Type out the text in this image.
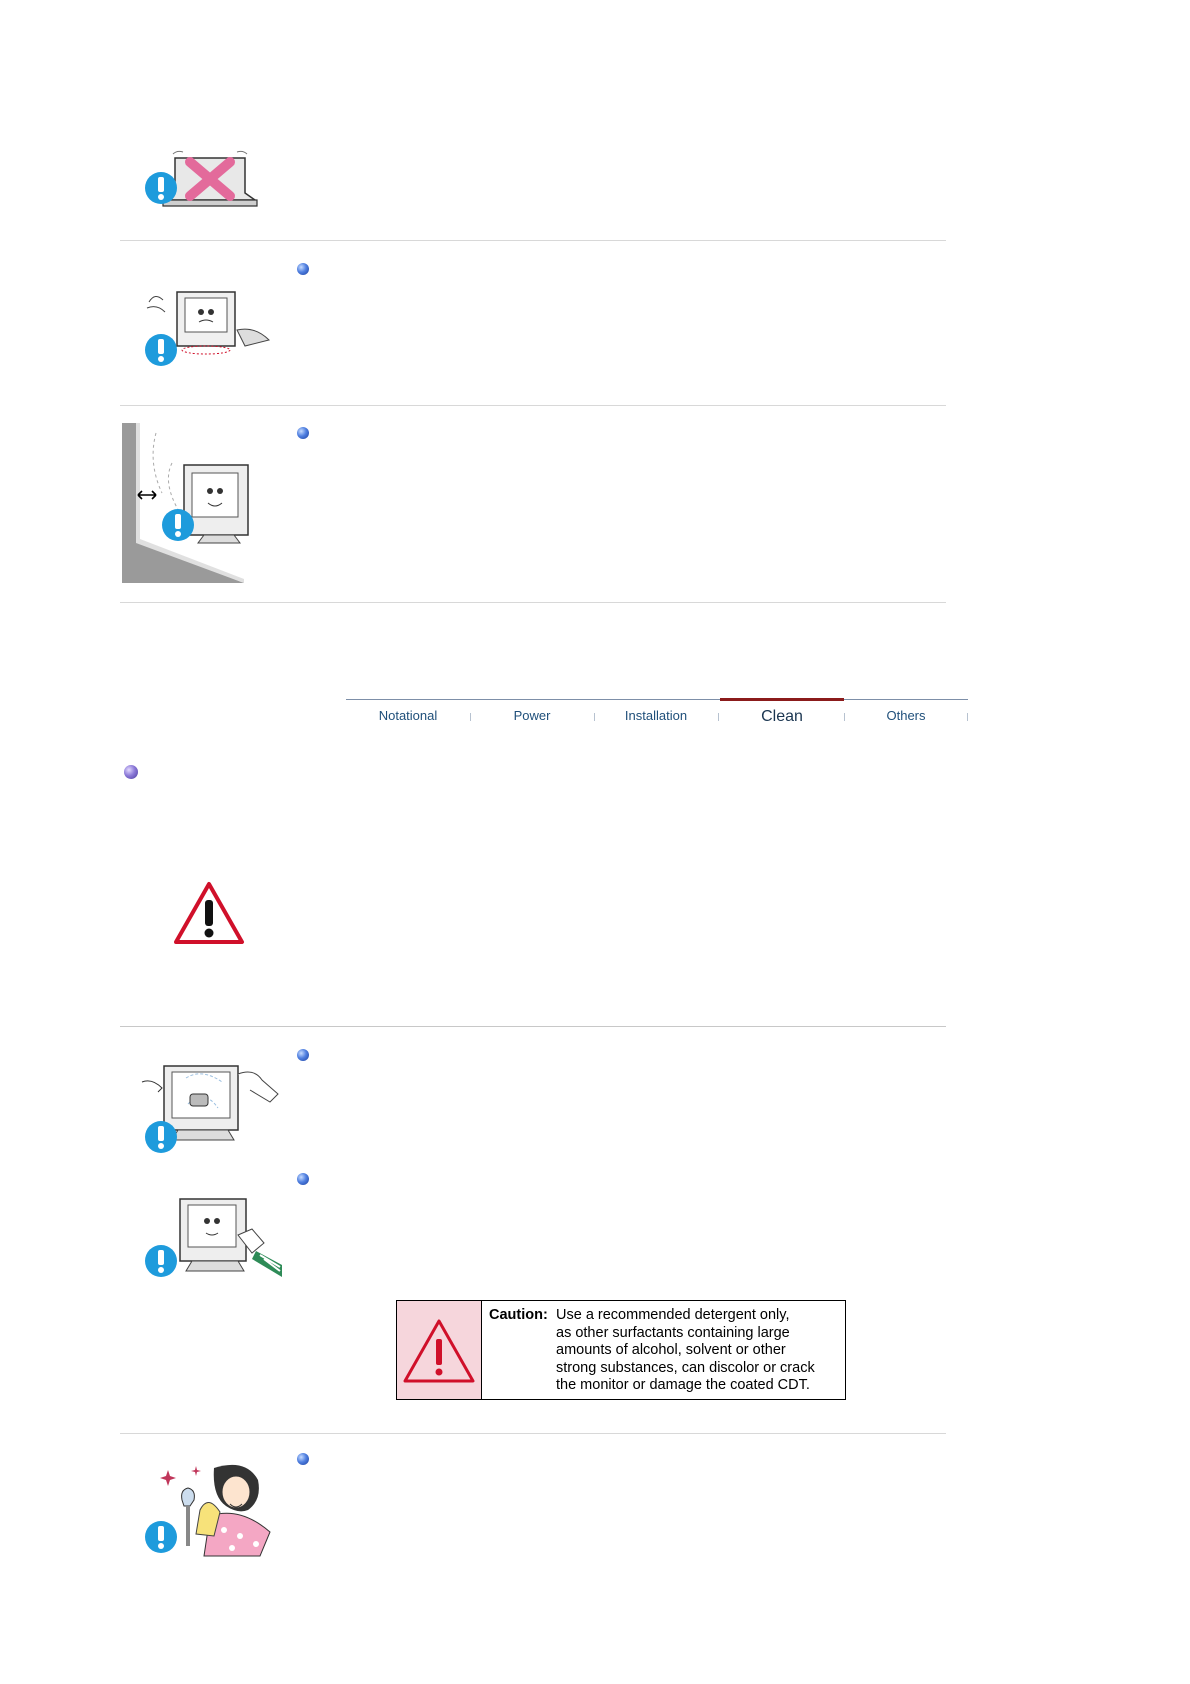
Notational	Power	Installation	Clean	Others
Caution: Use a recommended detergent only,
as other surfactants containing large
amounts of alcohol, solvent or other
strong substances, can discolor or crack
the monitor or damage the coated CDT.
